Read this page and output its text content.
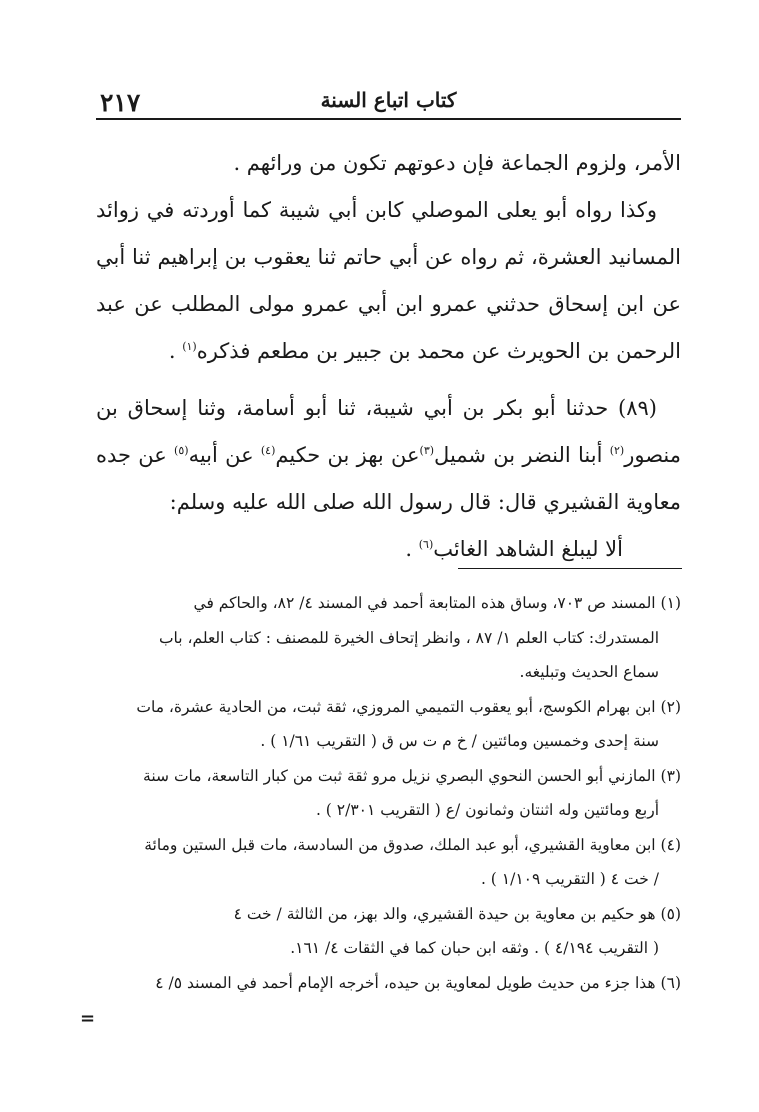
٢١٧	كتاب اتباع السنة

الأمر، ولزوم الجماعة فإن دعوتهم تكون من ورائهم .

وكذا رواه أبو يعلى الموصلي كابن أبي شيبة كما أوردته في زوائد المسانيد العشرة، ثم رواه عن أبي حاتم ثنا يعقوب بن إبراهيم ثنا أبي عن ابن إسحاق حدثني عمرو ابن أبي عمرو مولى المطلب عن عبد الرحمن بن الحويرث عن محمد بن جبير بن مطعم فذكره$^{(١)}$ .

(٨٩) حدثنا أبو بكر بن أبي شيبة، ثنا أبو أسامة، وثنا إسحاق بن منصور$^{(٢)}$ أبنا النضر بن شميل$^{(٣)}$عن بهز بن حكيم$^{(٤)}$ عن أبيه$^{(٥)}$ عن جده معاوية القشيري قال: قال رسول الله صلى الله عليه وسلم:

ألا ليبلغ الشاهد الغائب$^{(٦)}$ .

(١) المسند ص ٧٠٣، وساق هذه المتابعة أحمد في المسند ٤/ ٨٢، والحاكم في

المستدرك: كتاب العلم ١/ ٨٧ ، وانظر إتحاف الخيرة للمصنف : كتاب العلم، باب

سماع الحديث وتبليغه.

(٢) ابن بهرام الكوسج، أبو يعقوب التميمي المروزي، ثقة ثبت، من الحادية عشرة، مات

سنة إحدى وخمسين ومائتين / خ م ت س ق ( التقريب ١/٦١ ) .

(٣) المازني أبو الحسن النحوي البصري نزيل مرو ثقة ثبت من كبار التاسعة، مات سنة

أربع ومائتين وله اثنتان وثمانون /ع ( التقريب ٢/٣٠١ ) .

(٤) ابن معاوية القشيري، أبو عبد الملك، صدوق من السادسة، مات قبل الستين ومائة

/ خت ٤ ( التقريب ١/١٠٩ ) .

(٥) هو حكيم بن معاوية بن حيدة القشيري، والد بهز، من الثالثة / خت ٤

( التقريب ٤/١٩٤ ) . وثقه ابن حبان كما في الثقات ٤/ ١٦١.

(٦) هذا جزء من حديث طويل لمعاوية بن حيده، أخرجه الإمام أحمد في المسند ٥/ ٤

=
